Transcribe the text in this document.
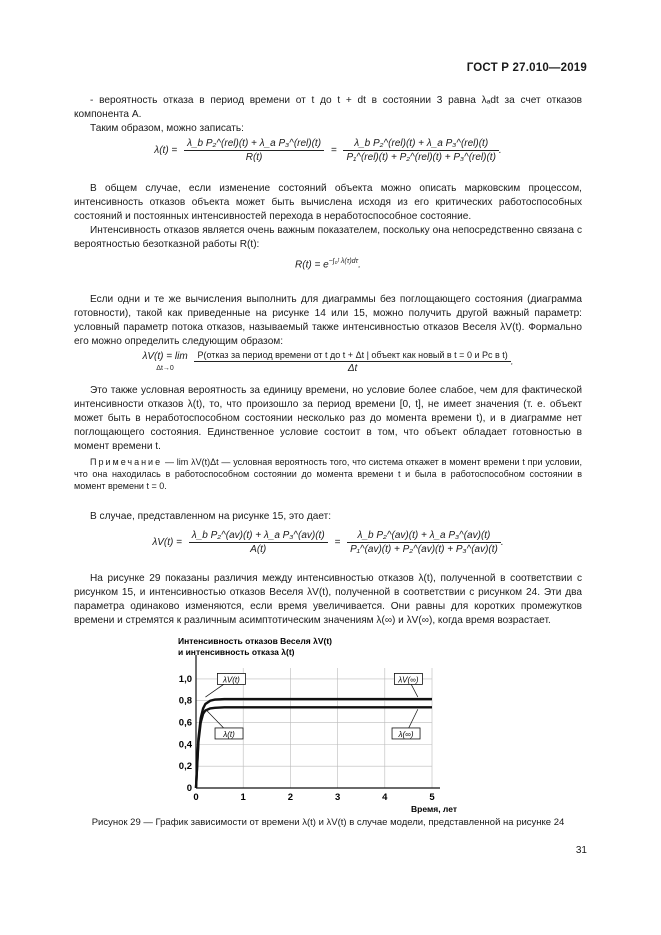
ГОСТ Р 27.010—2019

- вероятность отказа в период времени от t до t + dt в состоянии 3 равна λₐdt за счет отказов компонента А.

Таким образом, можно записать:

$\lambda(t) = \frac{\text{λ\_b P₂\textasciicircum{}(rel)(t) + λ\_a P₃\textasciicircum{}(rel)(t)}}{R(t)} = \frac{\text{λ\_b P₂\textasciicircum{}(rel)(t) + λ\_a P₃\textasciicircum{}(rel)(t)}}{\text{P₁\textasciicircum{}(rel)(t) + P₂\textasciicircum{}(rel)(t) + P₃\textasciicircum{}(rel)(t)}}$ .

В общем случае, если изменение состояний объекта можно описать марковским процессом, интенсивность отказов объекта может быть вычислена исходя из его критических работоспособных состояний и постоянных интенсивностей перехода в неработоспособное состояние.

Интенсивность отказов является очень важным показателем, поскольку она непосредственно связана с вероятностью безотказной работы R(t):

$R(t) = e^{-\int_0ᵗ \lambda(\tau)d\tau}$.

Если одни и те же вычисления выполнить для диаграммы без поглощающего состояния (диаграмма готовности), такой как приведенные на рисунке 14 или 15, можно получить другой важный параметр: условный параметр потока отказов, называемый также интенсивностью отказов Веселя λV(t). Формально его можно определить следующим образом:

λV(t) = lim
Δt→0
P(отказ за период времени от t до t + Δt | объект как новый в t = 0 и Pc в t)
Δt
.

Это также условная вероятность за единицу времени, но условие более слабое, чем для фактической интенсивности отказов λ(t), то, что произошло за период времени [0, t], не имеет значения (т. е. объект может быть в неработоспособном состоянии несколько раз до момента времени t), и в диаграмме нет поглощающего состояния. Единственное условие состоит в том, что объект обладает готовностью в момент времени t.

Примечание — lim λV(t)Δt — условная вероятность того, что система откажет в момент времени t при условии, что она находилась в работоспособном состоянии до момента времени t и была в работоспособном состоянии в момент времени t = 0.

В случае, представленном на рисунке 15, это дает:

$\lambda V(t) = \frac{\text{λ\_b P₂\textasciicircum{}(av)(t) + λ\_a P₃\textasciicircum{}(av)(t)}}{A(t)} = \frac{\text{λ\_b P₂\textasciicircum{}(av)(t) + λ\_a P₃\textasciicircum{}(av)(t)}}{\text{P₁\textasciicircum{}(av)(t) + P₂\textasciicircum{}(av)(t) + P₃\textasciicircum{}(av)(t)}}$ .

На рисунке 29 показаны различия между интенсивностью отказов λ(t), полученной в соответствии с рисунком 15, и интенсивностью отказов Веселя λV(t), полученной в соответствии с рисунком 24. Эти два параметра одинаково изменяются, если время увеличивается. Они равны для коротких промежутков времени и стремятся к различным асимптотическим значениям λ(∞) и λV(∞), когда время возрастает.

0	1	2	3	4	5
0
0,2
0,4
0,6
0,8
1,0
Интенсивность отказов Веселя λV(t)
и интенсивность отказа λ(t)
Время, лет
λV(t)	λV(∞)
λ(t)	λ(∞)
Рисунок 29 — График зависимости от времени λ(t) и λV(t) в случае модели, представленной на рисунке 24
31
